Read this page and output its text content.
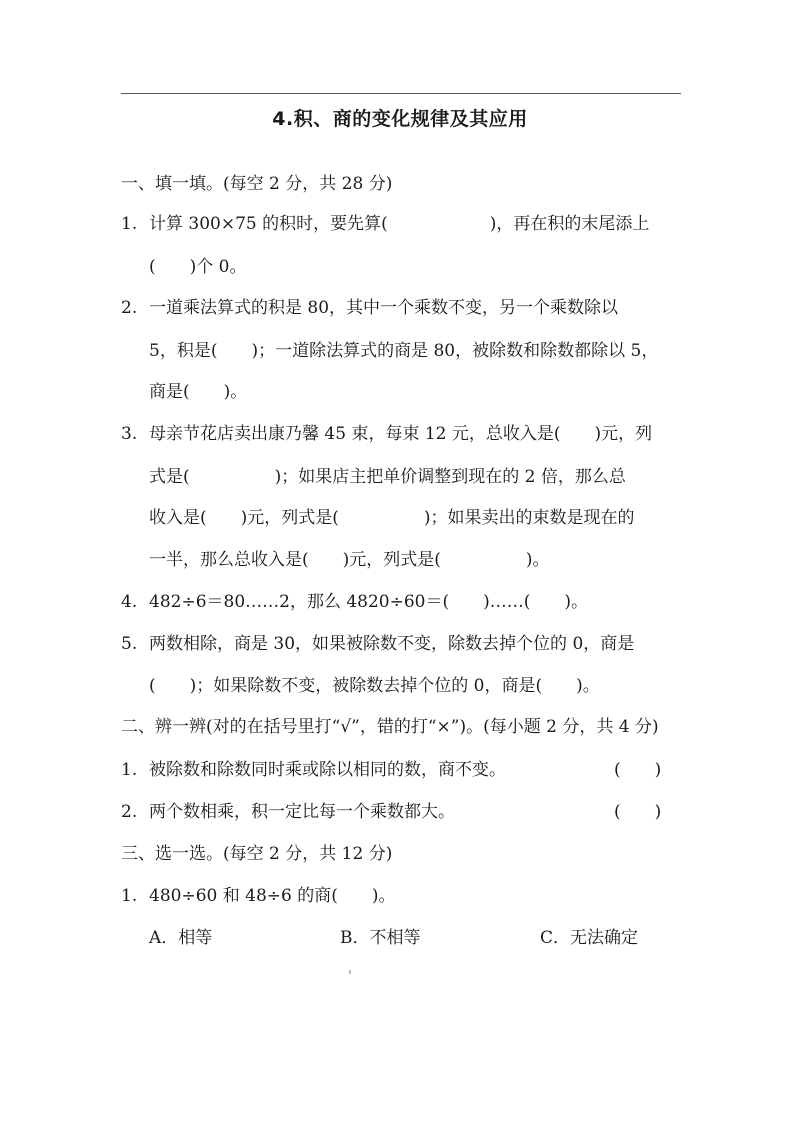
4.积、商的变化规律及其应用
一、填一填。(每空 2 分，共 28 分)
1. 计算 300×75 的积时，要先算(　　　　　　)，再在积的末尾添上
(　　)个 0。
2. 一道乘法算式的积是 80，其中一个乘数不变，另一个乘数除以
5，积是(　　)；一道除法算式的商是 80，被除数和除数都除以 5，
商是(　　)。
3. 母亲节花店卖出康乃馨 45 束，每束 12 元，总收入是(　　)元，列
式是(　　　　　)；如果店主把单价调整到现在的 2 倍，那么总
收入是(　　)元，列式是(　　　　　)；如果卖出的束数是现在的
一半，那么总收入是(　　)元，列式是(　　　　　)。
4. 482÷6＝80……2，那么 4820÷60＝(　　)……(　　)。
5. 两数相除，商是 30，如果被除数不变，除数去掉个位的 0，商是
(　　)；如果除数不变，被除数去掉个位的 0，商是(　　)。
二、辨一辨(对的在括号里打“√”，错的打“×”)。(每小题 2 分，共 4 分)
1. 被除数和除数同时乘或除以相同的数，商不变。	(　　)
2. 两个数相乘，积一定比每一个乘数都大。	(　　)
三、选一选。(每空 2 分，共 12 分)
1. 480÷60 和 48÷6 的商(　　)。
A．相等	B．不相等	C．无法确定
